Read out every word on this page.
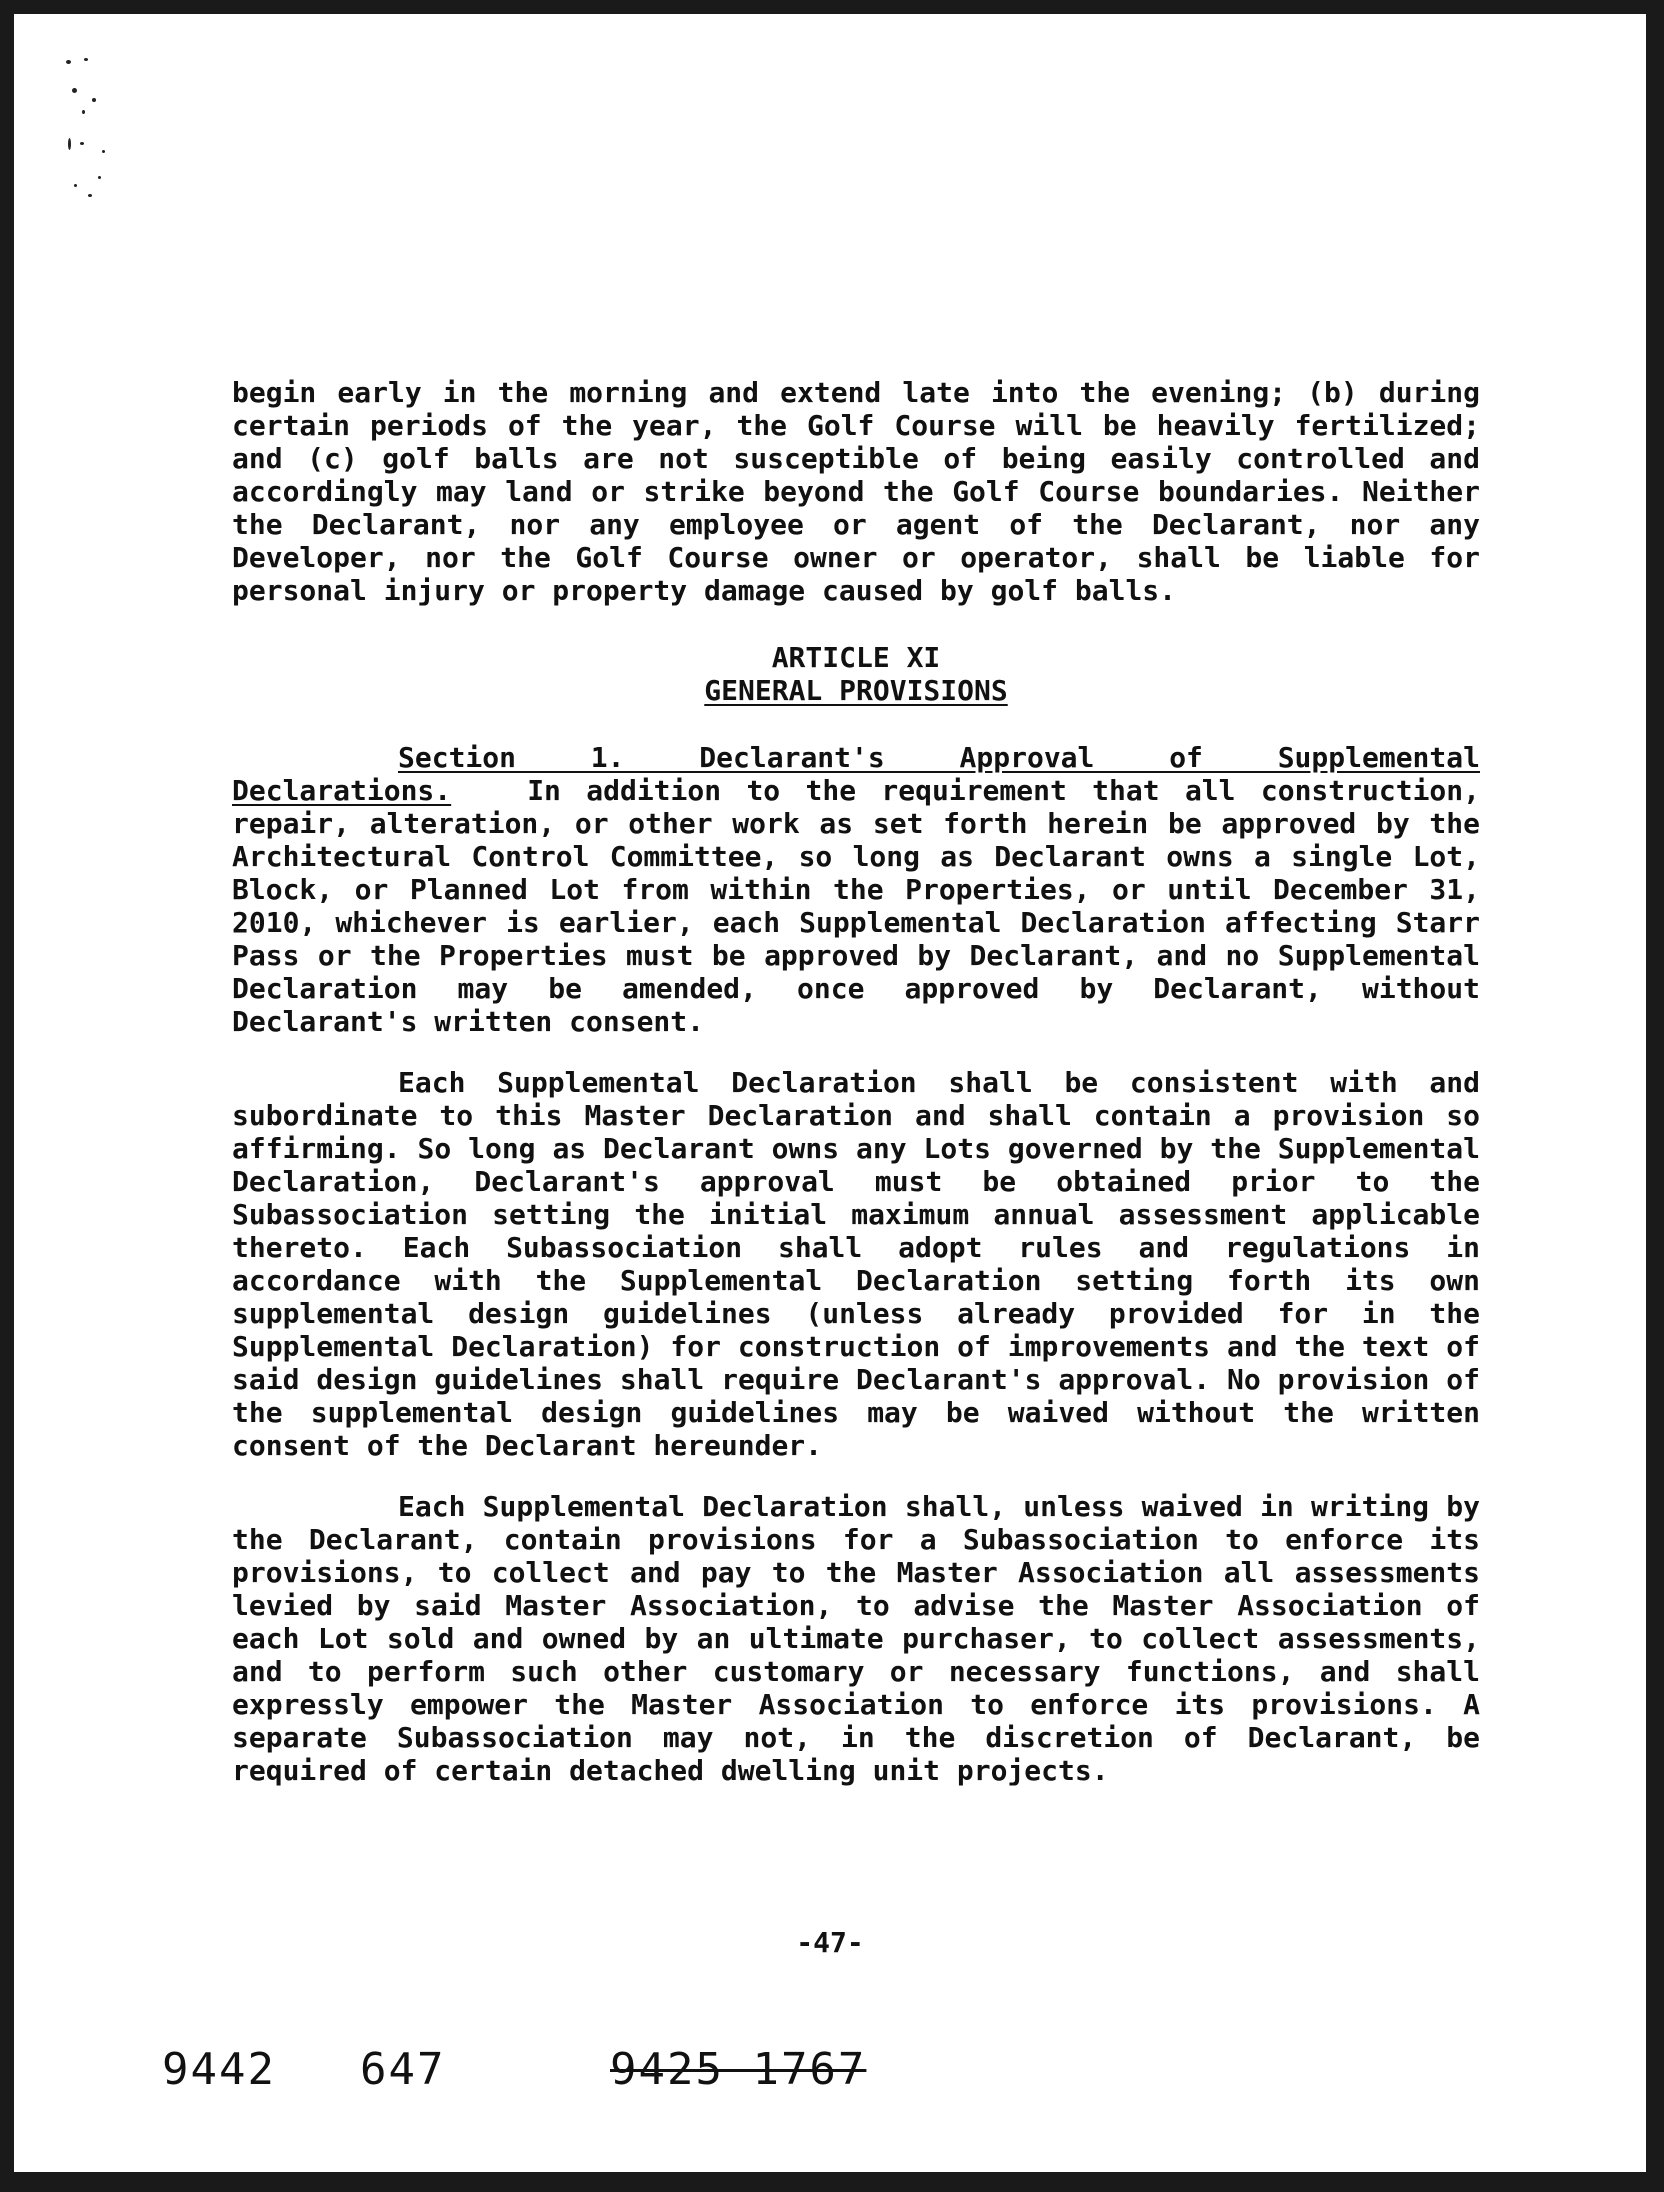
begin early in the morning and extend late into the evening; (b) during certain periods of the year, the Golf Course will be heavily fertilized; and (c) golf balls are not susceptible of being easily controlled and accordingly may land or strike beyond the Golf Course boundaries. Neither the Declarant, nor any employee or agent of the Declarant, nor any Developer, nor the Golf Course owner or operator, shall be liable for personal injury or property damage caused by golf balls.

ARTICLE XI
GENERAL PROVISIONS

Section 1. Declarant's Approval of Supplemental Declarations.	In addition to the requirement that all construction, repair, alteration, or other work as set forth herein be approved by the Architectural Control Committee, so long as Declarant owns a single Lot, Block, or Planned Lot from within the Properties, or until December 31, 2010, whichever is earlier, each Supplemental Declaration affecting Starr Pass or the Properties must be approved by Declarant, and no Supplemental Declaration may be amended, once approved by Declarant, without Declarant's written consent.

Each Supplemental Declaration shall be consistent with and subordinate to this Master Declaration and shall contain a provision so affirming. So long as Declarant owns any Lots governed by the Supplemental Declaration, Declarant's approval must be obtained prior to the Subassociation setting the initial maximum annual assessment applicable thereto. Each Subassociation shall adopt rules and regulations in accordance with the Supplemental Declaration setting forth its own supplemental design guidelines (unless already provided for in the Supplemental Declaration) for construction of improvements and the text of said design guidelines shall require Declarant's approval. No provision of the supplemental design guidelines may be waived without the written consent of the Declarant hereunder.

Each Supplemental Declaration shall, unless waived in writing by the Declarant, contain provisions for a Subassociation to enforce its provisions, to collect and pay to the Master Association all assessments levied by said Master Association, to advise the Master Association of each Lot sold and owned by an ultimate purchaser, to collect assessments, and to perform such other customary or necessary functions, and shall expressly empower the Master Association to enforce its provisions. A separate Subassociation may not, in the discretion of Declarant, be required of certain detached dwelling unit projects.

-47-
9442 647	9425 1767
